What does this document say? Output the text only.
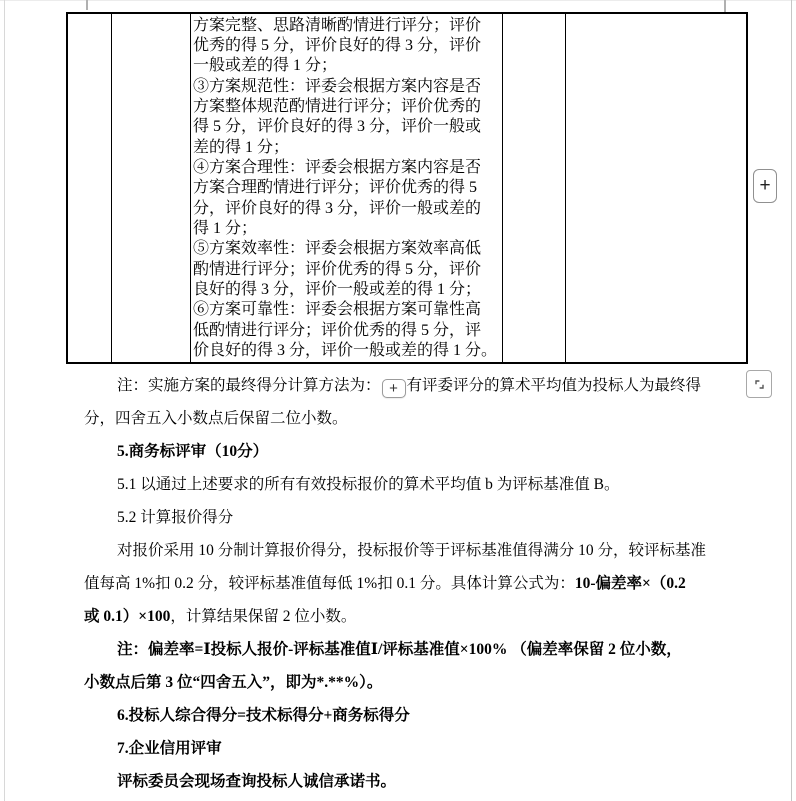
方案完整、思路清晰酌情进行评分；评价
优秀的得 5 分，评价良好的得 3 分，评价
一般或差的得 1 分；
③方案规范性：评委会根据方案内容是否
方案整体规范酌情进行评分；评价优秀的
得 5 分，评价良好的得 3 分，评价一般或
差的得 1 分；
④方案合理性：评委会根据方案内容是否
方案合理酌情进行评分；评价优秀的得 5
分，评价良好的得 3 分，评价一般或差的
得 1 分；
⑤方案效率性：评委会根据方案效率高低
酌情进行评分；评价优秀的得 5 分，评价
良好的得 3 分，评价一般或差的得 1 分；
⑥方案可靠性：评委会根据方案可靠性高
低酌情进行评分；评价优秀的得 5 分，评
价良好的得 3 分，评价一般或差的得 1 分。
+
注：实施方案的最终得分计算方法为： + 有评委评分的算术平均值为投标人为最终得
分，四舍五入小数点后保留二位小数。
5.商务标评审（10分）
5.1 以通过上述要求的所有有效投标报价的算术平均值 b 为评标基准值 B。
5.2 计算报价得分
对报价采用 10 分制计算报价得分，投标报价等于评标基准值得满分 10 分，较评标基准
值每高 1%扣 0.2 分，较评标基准值每低 1%扣 0.1 分。具体计算公式为：10-偏差率×（0.2
或 0.1）×100，计算结果保留 2 位小数。
注：偏差率=Ⅰ投标人报价-评标基准值Ⅰ/评标基准值×100% （偏差率保留 2 位小数，
小数点后第 3 位“四舍五入”，即为*.**%）。
6.投标人综合得分=技术标得分+商务标得分
7.企业信用评审
评标委员会现场查询投标人诚信承诺书。
